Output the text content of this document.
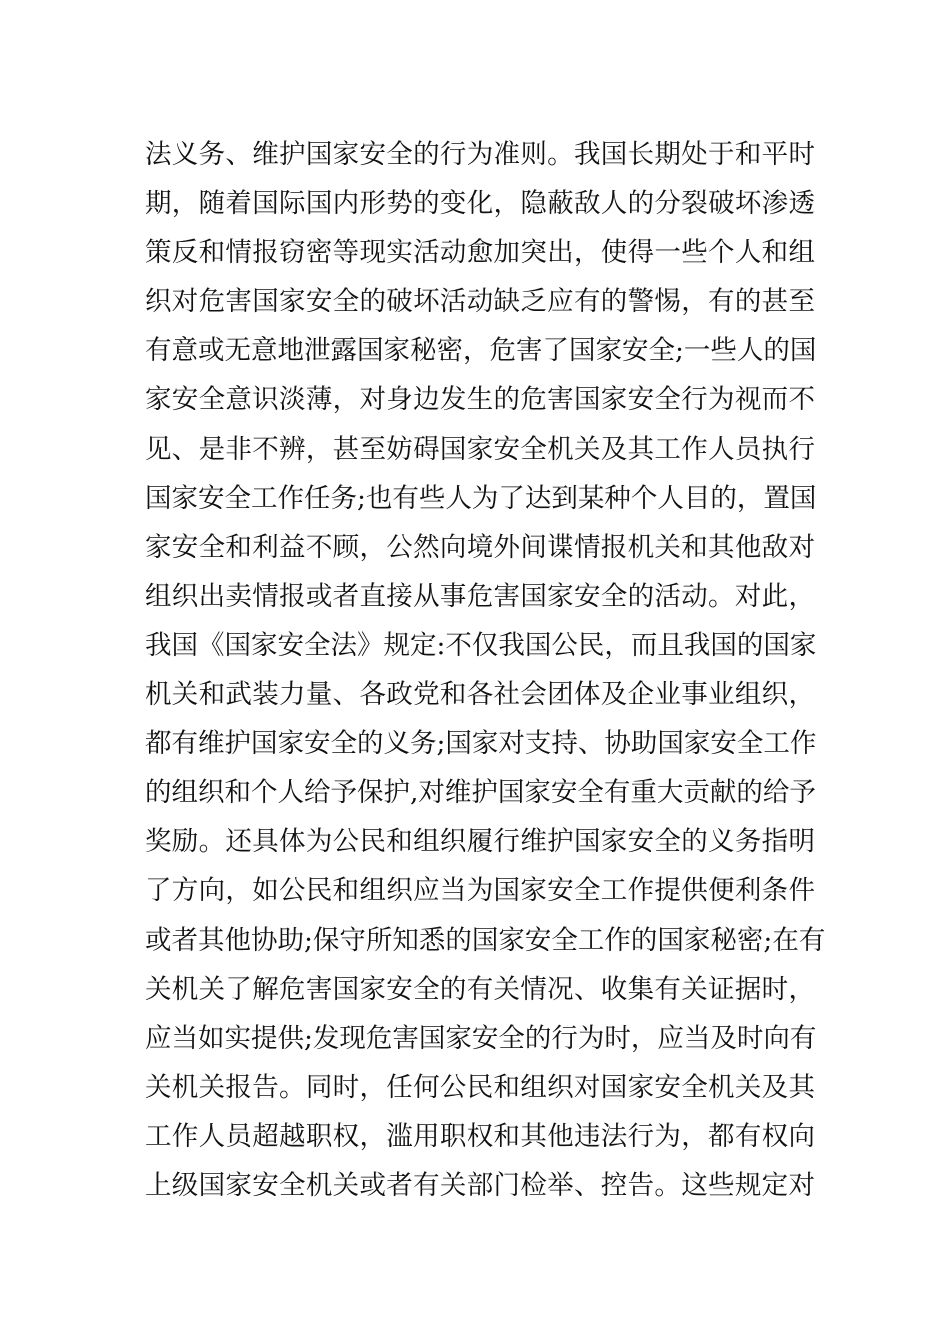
法义务、维护国家安全的行为准则。我国长期处于和平时
期，随着国际国内形势的变化，隐蔽敌人的分裂破坏渗透
策反和情报窃密等现实活动愈加突出，使得一些个人和组
织对危害国家安全的破坏活动缺乏应有的警惕，有的甚至
有意或无意地泄露国家秘密，危害了国家安全;一些人的国
家安全意识淡薄，对身边发生的危害国家安全行为视而不
见、是非不辨，甚至妨碍国家安全机关及其工作人员执行
国家安全工作任务;也有些人为了达到某种个人目的，置国
家安全和利益不顾，公然向境外间谍情报机关和其他敌对
组织出卖情报或者直接从事危害国家安全的活动。对此，
我国《国家安全法》规定:不仅我国公民，而且我国的国家
机关和武装力量、各政党和各社会团体及企业事业组织，
都有维护国家安全的义务;国家对支持、协助国家安全工作
的组织和个人给予保护,对维护国家安全有重大贡献的给予
奖励。还具体为公民和组织履行维护国家安全的义务指明
了方向，如公民和组织应当为国家安全工作提供便利条件
或者其他协助;保守所知悉的国家安全工作的国家秘密;在有
关机关了解危害国家安全的有关情况、收集有关证据时，
应当如实提供;发现危害国家安全的行为时，应当及时向有
关机关报告。同时，任何公民和组织对国家安全机关及其
工作人员超越职权，滥用职权和其他违法行为，都有权向
上级国家安全机关或者有关部门检举、控告。这些规定对
